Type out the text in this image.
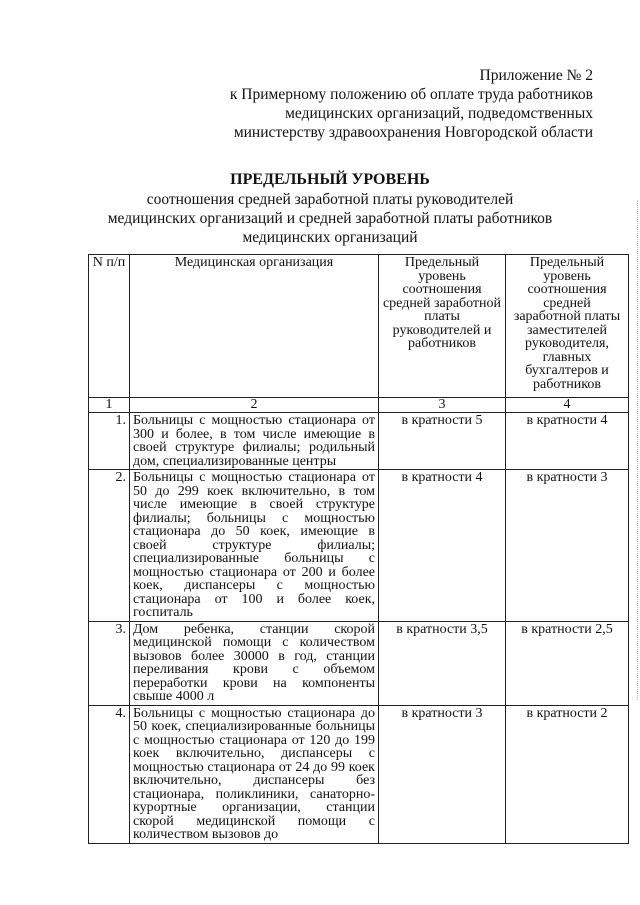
Приложение № 2
к Примерному положению об оплате труда работников
медицинских организаций, подведомственных
министерству здравоохранения Новгородской области
ПРЕДЕЛЬНЫЙ УРОВЕНЬ
соотношения средней заработной платы руководителей
медицинских организаций и средней заработной платы работников
медицинских организаций
N п/п	Медицинская организация	Предельный уровень соотношения средней заработной платы руководителей и работников	Предельный уровень соотношения средней заработной платы заместителей руководителя, главных бухгалтеров и работников
1	2	3	4
1.	Больницы с мощностью стационара от 300 и более, в том числе имеющие в своей структуре филиалы; родильный дом, специализированные центры	в кратности 5	в кратности 4
2.	Больницы с мощностью стационара от 50 до 299 коек включительно, в том числе имеющие в своей структуре филиалы; больницы с мощностью стационара до 50 коек, имеющие в своей структуре филиалы; специализированные больницы с мощностью стационара от 200 и более коек, диспансеры с мощностью стационара от 100 и более коек, госпиталь	в кратности 4	в кратности 3
3.	Дом ребенка, станции скорой медицинской помощи с количеством вызовов более 30000 в год, станции переливания крови с объемом переработки крови на компоненты свыше 4000 л	в кратности 3,5	в кратности 2,5
4.	Больницы с мощностью стационара до 50 коек, специализированные больницы с мощностью стационара от 120 до 199 коек включительно, диспансеры с мощностью стационара от 24 до 99 коек включительно, диспансеры без стационара, поликлиники, санаторно-курортные организации, станции скорой медицинской помощи с количеством вызовов до	в кратности 3	в кратности 2
